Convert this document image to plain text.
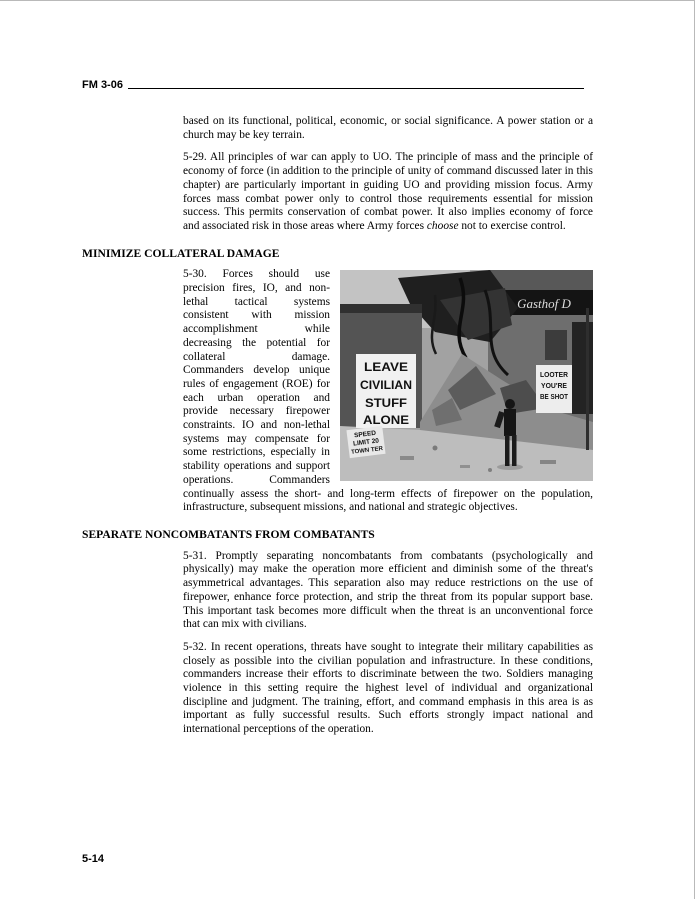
FM 3-06
based on its functional, political, economic, or social significance. A power station or a church may be key terrain.
5-29. All principles of war can apply to UO. The principle of mass and the principle of economy of force (in addition to the principle of unity of command discussed later in this chapter) are particularly important in guiding UO and providing mission focus. Army forces mass combat power only to control those requirements essential for mission success. This permits conservation of combat power. It also implies economy of force and associated risk in those areas where Army forces choose not to exercise control.
MINIMIZE COLLATERAL DAMAGE
Gasthof D
LEAVE
CIVILIAN
STUFF
ALONE
LOOTER
YOU'RE
BE SHOT
SPEED
LIMIT 20
TOWN TER
5-30. Forces should use precision fires, IO, and non-lethal tactical systems consistent with mission accomplishment while decreasing the potential for collateral damage. Commanders develop unique rules of engagement (ROE) for each urban operation and provide necessary firepower constraints. IO and non-lethal systems may compensate for some restrictions, especially in stability operations and support operations. Commanders continually assess the short- and long-term effects of firepower on the population, infrastructure, subsequent missions, and national and strategic objectives.
SEPARATE NONCOMBATANTS FROM COMBATANTS
5-31. Promptly separating noncombatants from combatants (psychologically and physically) may make the operation more efficient and diminish some of the threat's asymmetrical advantages. This separation also may reduce restrictions on the use of firepower, enhance force protection, and strip the threat from its popular support base. This important task becomes more difficult when the threat is an unconventional force that can mix with civilians.
5-32. In recent operations, threats have sought to integrate their military capabilities as closely as possible into the civilian population and infrastructure. In these conditions, commanders increase their efforts to discriminate between the two. Soldiers managing violence in this setting require the highest level of individual and organizational discipline and judgment. The training, effort, and command emphasis in this area is as important as fully successful results. Such efforts strongly impact national and international perceptions of the operation.
5-14
